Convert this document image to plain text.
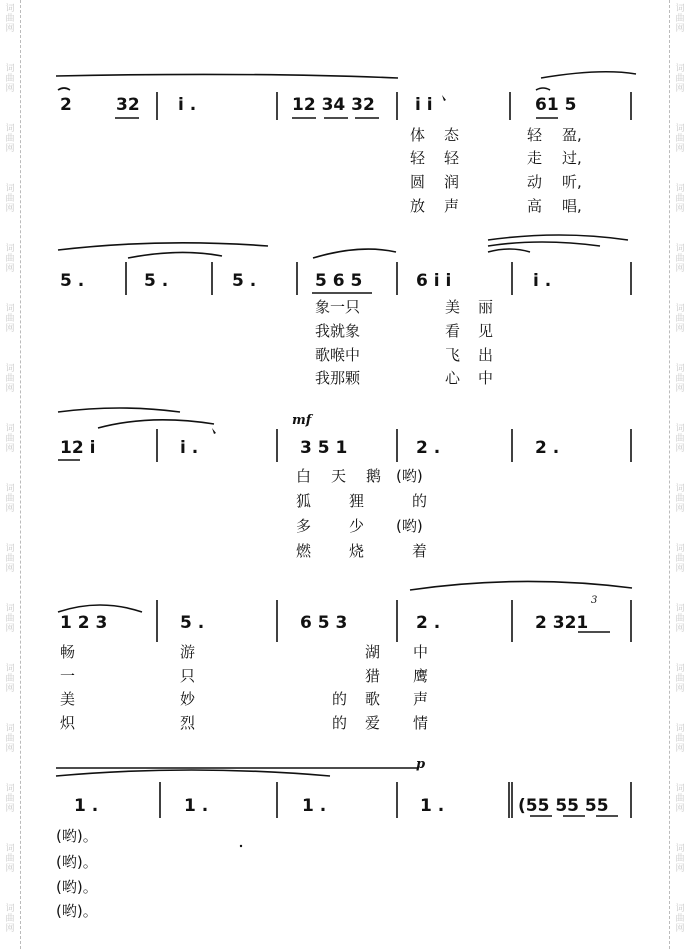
词
曲
网
词
曲
网
词
曲
网
词
曲
网
词
曲
网
词
曲
网
词
曲
网
词
曲
网
词
曲
网
词
曲
网
词
曲
网
词
曲
网
词
曲
网
词
曲
网
词
曲
网
词
曲
网
词
曲
网
词
曲
网
词
曲
网
词
曲
网
词
曲
网
词
曲
网
词
曲
网
词
曲
网
词
曲
网
词
曲
网
词
曲
网
词
曲
网
词
曲
网
词
曲
网
词
曲
网
词
曲
网
2	32 i .	12 34 32 i i	61 5
体 态	轻 盈,
轻 轻	走 过,
圆 润	动 听,
放 声	高 唱,
5 .	5 .	5 .	5 6 5	6 i i	i .
象一只	美 丽
我就象	看 见
歌喉中	飞 出
我那颗	心 中
mf
12 i	i .	3 5 1	2 .	2 .
白 天 鹅 (哟)
狐	狸	的
多	少 (哟)
燃	烧	着
3
1 2 3	5 .	6 5 3	2 .	2 321
畅	游	湖 中
一	只	猎 鹰
美	妙	的 歌 声
炽	烈	的 爱 情
p
1 .	1 .	1 .	1 .	(55 55 55
(哟)。
(哟)。
(哟)。
(哟)。
